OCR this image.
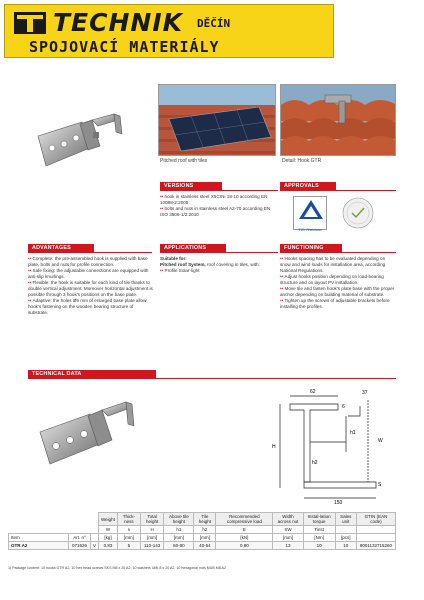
TECHNIK DĚČÍN
SPOJOVACÍ MATERIÁLY
Pitched roof with tiles	Detail: Hook GTR
VERSIONS
•• hook in stainless steel X5CrNi 18-10 according EN 10088-2:2005
•• bolts and nuts in stainless steel A2-70 according EN ISO 3506-1/2:2010
APPROVALS
TÜV Rheinland
ADVANTAGES
•• Complete: the pre-assembled hook is supplied with base plate, bolts and nuts for profile connection.
•• Safe fixing: the adjustable connections are equipped with anti-slip knurlings.
•• Flexible: the hook is suitable for each kind of tile thanks to double vertical adjustment. Moreover horizontal adjustment is possible through 3 hook's positions on the base plate.
•• Adaptive: the holes Ø9 mm of enlarged base plate allow hook's fastening on the wooden bearing structure of substrate.
APPLICATIONS
Suitable for:
Pitched roof System, roof covering in tiles, with:
•• Profile Solar-light
FUNCTIONING
•• Hooks spacing has to be evaluated depending on snow and wind loads for installation area, according National Regulations.
•• Adjust hooks position depending on load-bearing structure and on layout PV installation.
•• Move tile and fasten hook's plate base with the proper anchor depending on building material of substrate.
•• Tighten up the screws of adjustable brackets before installing the profiles.
TECHNICAL DATA
62
6
37
h1
h2
150
H
W
S
			Weight	Thick-ness	Total height	Above tile height	Tile height	Recommended compressive load	Width across nut	Instal-lation torque	Sales unit	GTIN (EAN code)
			W	s	H	h1	h2	E	SW	Tinst		
Item	Art. n°		[kg]	[mm]	[mm]	[mm]	[mm]	[kN]	[mm]	[Nm]	[pcs]	
GTR A2	071526	V	0,83	5	110-143	60-80	40-54	0,80	13	10	10	8001132715260
1) Package content: 10 hooks GTR A2, 10 hex head screws SKS M8 x 20 A2, 10 washers UMI 8 x 20 A2, 10 hexagonal nuts MUB M8 A2
